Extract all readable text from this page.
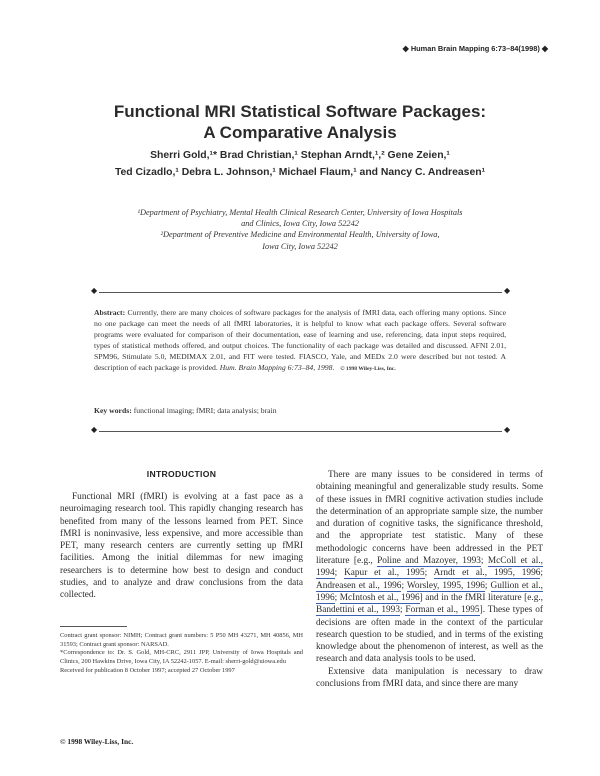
◆ Human Brain Mapping 6:73–84(1998) ◆
Functional MRI Statistical Software Packages:
A Comparative Analysis
Sherri Gold,¹* Brad Christian,¹ Stephan Arndt,¹,² Gene Zeien,¹
Ted Cizadlo,¹ Debra L. Johnson,¹ Michael Flaum,¹ and Nancy C. Andreasen¹
¹Department of Psychiatry, Mental Health Clinical Research Center, University of Iowa Hospitals
and Clinics, Iowa City, Iowa 52242
²Department of Preventive Medicine and Environmental Health, University of Iowa,
Iowa City, Iowa 52242
◆	◆
Abstract: Currently, there are many choices of software packages for the analysis of fMRI data, each offering many options. Since no one package can meet the needs of all fMRI laboratories, it is helpful to know what each package offers. Several software programs were evaluated for comparison of their documentation, ease of learning and use, referencing, data input steps required, types of statistical methods offered, and output choices. The functionality of each package was detailed and discussed. AFNI 2.01, SPM96, Stimulate 5.0, MEDIMAX 2.01, and FIT were tested. FIASCO, Yale, and MEDx 2.0 were described but not tested. A description of each package is provided. Hum. Brain Mapping 6:73–84, 1998. © 1998 Wiley-Liss, Inc.
Key words: functional imaging; fMRI; data analysis; brain
◆	◆
INTRODUCTION

Functional MRI (fMRI) is evolving at a fast pace as a neuroimaging research tool. This rapidly changing research has benefited from many of the lessons learned from PET. Since fMRI is noninvasive, less expensive, and more accessible than PET, many research centers are currently setting up fMRI facilities. Among the initial dilemmas for new imaging researchers is to determine how best to design and conduct studies, and to analyze and draw conclusions from the data collected.

Contract grant sponsor: NIMH; Contract grant numbers: 5 P50 MH 43271, MH 40856, MH 31593; Contract grant sponsor: NARSAD.

*Correspondence to: Dr. S. Gold, MH-CRC, 2911 JPP, University of Iowa Hospitals and Clinics, 200 Hawkins Drive, Iowa City, IA 52242-1057. E-mail: sherri-gold@uiowa.edu

Received for publication 8 October 1997; accepted 27 October 1997

© 1998 Wiley-Liss, Inc.

There are many issues to be considered in terms of obtaining meaningful and generalizable study results. Some of these issues in fMRI cognitive activation studies include the determination of an appropriate sample size, the number and duration of cognitive tasks, the significance threshold, and the appropriate test statistic. Many of these methodologic concerns have been addressed in the PET literature [e.g., Poline and Mazoyer, 1993; McColl et al., 1994; Kapur et al., 1995; Arndt et al., 1995, 1996; Andreasen et al., 1996; Worsley, 1995, 1996; Gullion et al., 1996; McIntosh et al., 1996] and in the fMRI literature [e.g., Bandettini et al., 1993; Forman et al., 1995]. These types of decisions are often made in the context of the particular research question to be studied, and in terms of the existing knowledge about the phenomenon of interest, as well as the research and data analysis tools to be used.

Extensive data manipulation is necessary to draw conclusions from fMRI data, and since there are many
